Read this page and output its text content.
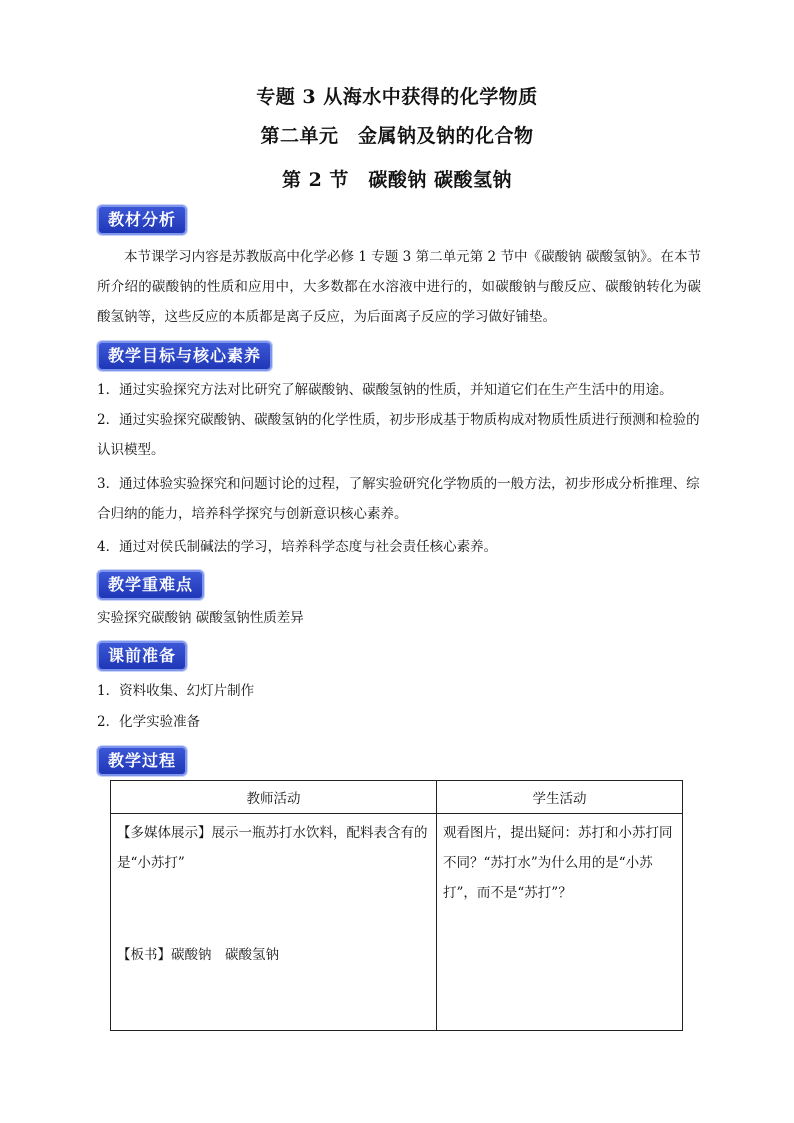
专题 3 从海水中获得的化学物质
第二单元　金属钠及钠的化合物
第 2 节　碳酸钠 碳酸氢钠
教材分析

本节课学习内容是苏教版高中化学必修 1 专题 3 第二单元第 2 节中《碳酸钠 碳酸氢钠》。在本节所介绍的碳酸钠的性质和应用中，大多数都在水溶液中进行的，如碳酸钠与酸反应、碳酸钠转化为碳酸氢钠等，这些反应的本质都是离子反应，为后面离子反应的学习做好铺垫。

教学目标与核心素养

1．通过实验探究方法对比研究了解碳酸钠、碳酸氢钠的性质，并知道它们在生产生活中的用途。

2．通过实验探究碳酸钠、碳酸氢钠的化学性质，初步形成基于物质构成对物质性质进行预测和检验的认识模型。

3．通过体验实验探究和问题讨论的过程，了解实验研究化学物质的一般方法，初步形成分析推理、综合归纳的能力，培养科学探究与创新意识核心素养。

4．通过对侯氏制碱法的学习，培养科学态度与社会责任核心素养。

教学重难点

实验探究碳酸钠 碳酸氢钠性质差异

课前准备

1．资料收集、幻灯片制作

2．化学实验准备

教学过程
教师活动	学生活动

【多媒体展示】展示一瓶苏打水饮料，配料表含有的是“小苏打”

【板书】碳酸钠　碳酸氢钠	观看图片，提出疑问：苏打和小苏打同不同？“苏打水”为什么用的是“小苏打”，而不是“苏打”？
